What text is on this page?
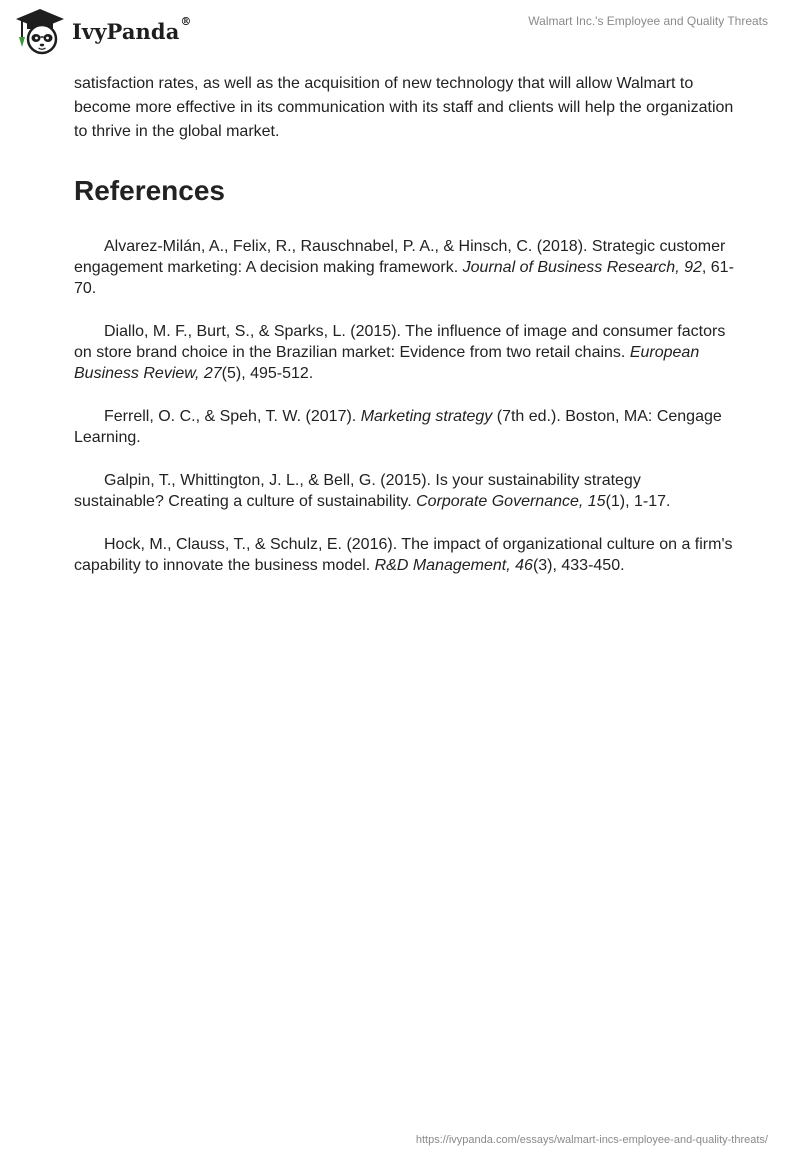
IvyPanda®	Walmart Inc.'s Employee and Quality Threats

satisfaction rates, as well as the acquisition of new technology that will allow Walmart to become more effective in its communication with its staff and clients will help the organization to thrive in the global market.

References

Alvarez-Milán, A., Felix, R., Rauschnabel, P. A., & Hinsch, C. (2018). Strategic customer engagement marketing: A decision making framework. Journal of Business Research, 92, 61-70.

Diallo, M. F., Burt, S., & Sparks, L. (2015). The influence of image and consumer factors on store brand choice in the Brazilian market: Evidence from two retail chains. European Business Review, 27(5), 495-512.

Ferrell, O. C., & Speh, T. W. (2017). Marketing strategy (7th ed.). Boston, MA: Cengage Learning.

Galpin, T., Whittington, J. L., & Bell, G. (2015). Is your sustainability strategy sustainable? Creating a culture of sustainability. Corporate Governance, 15(1), 1-17.

Hock, M., Clauss, T., & Schulz, E. (2016). The impact of organizational culture on a firm's capability to innovate the business model. R&D Management, 46(3), 433-450.

https://ivypanda.com/essays/walmart-incs-employee-and-quality-threats/
